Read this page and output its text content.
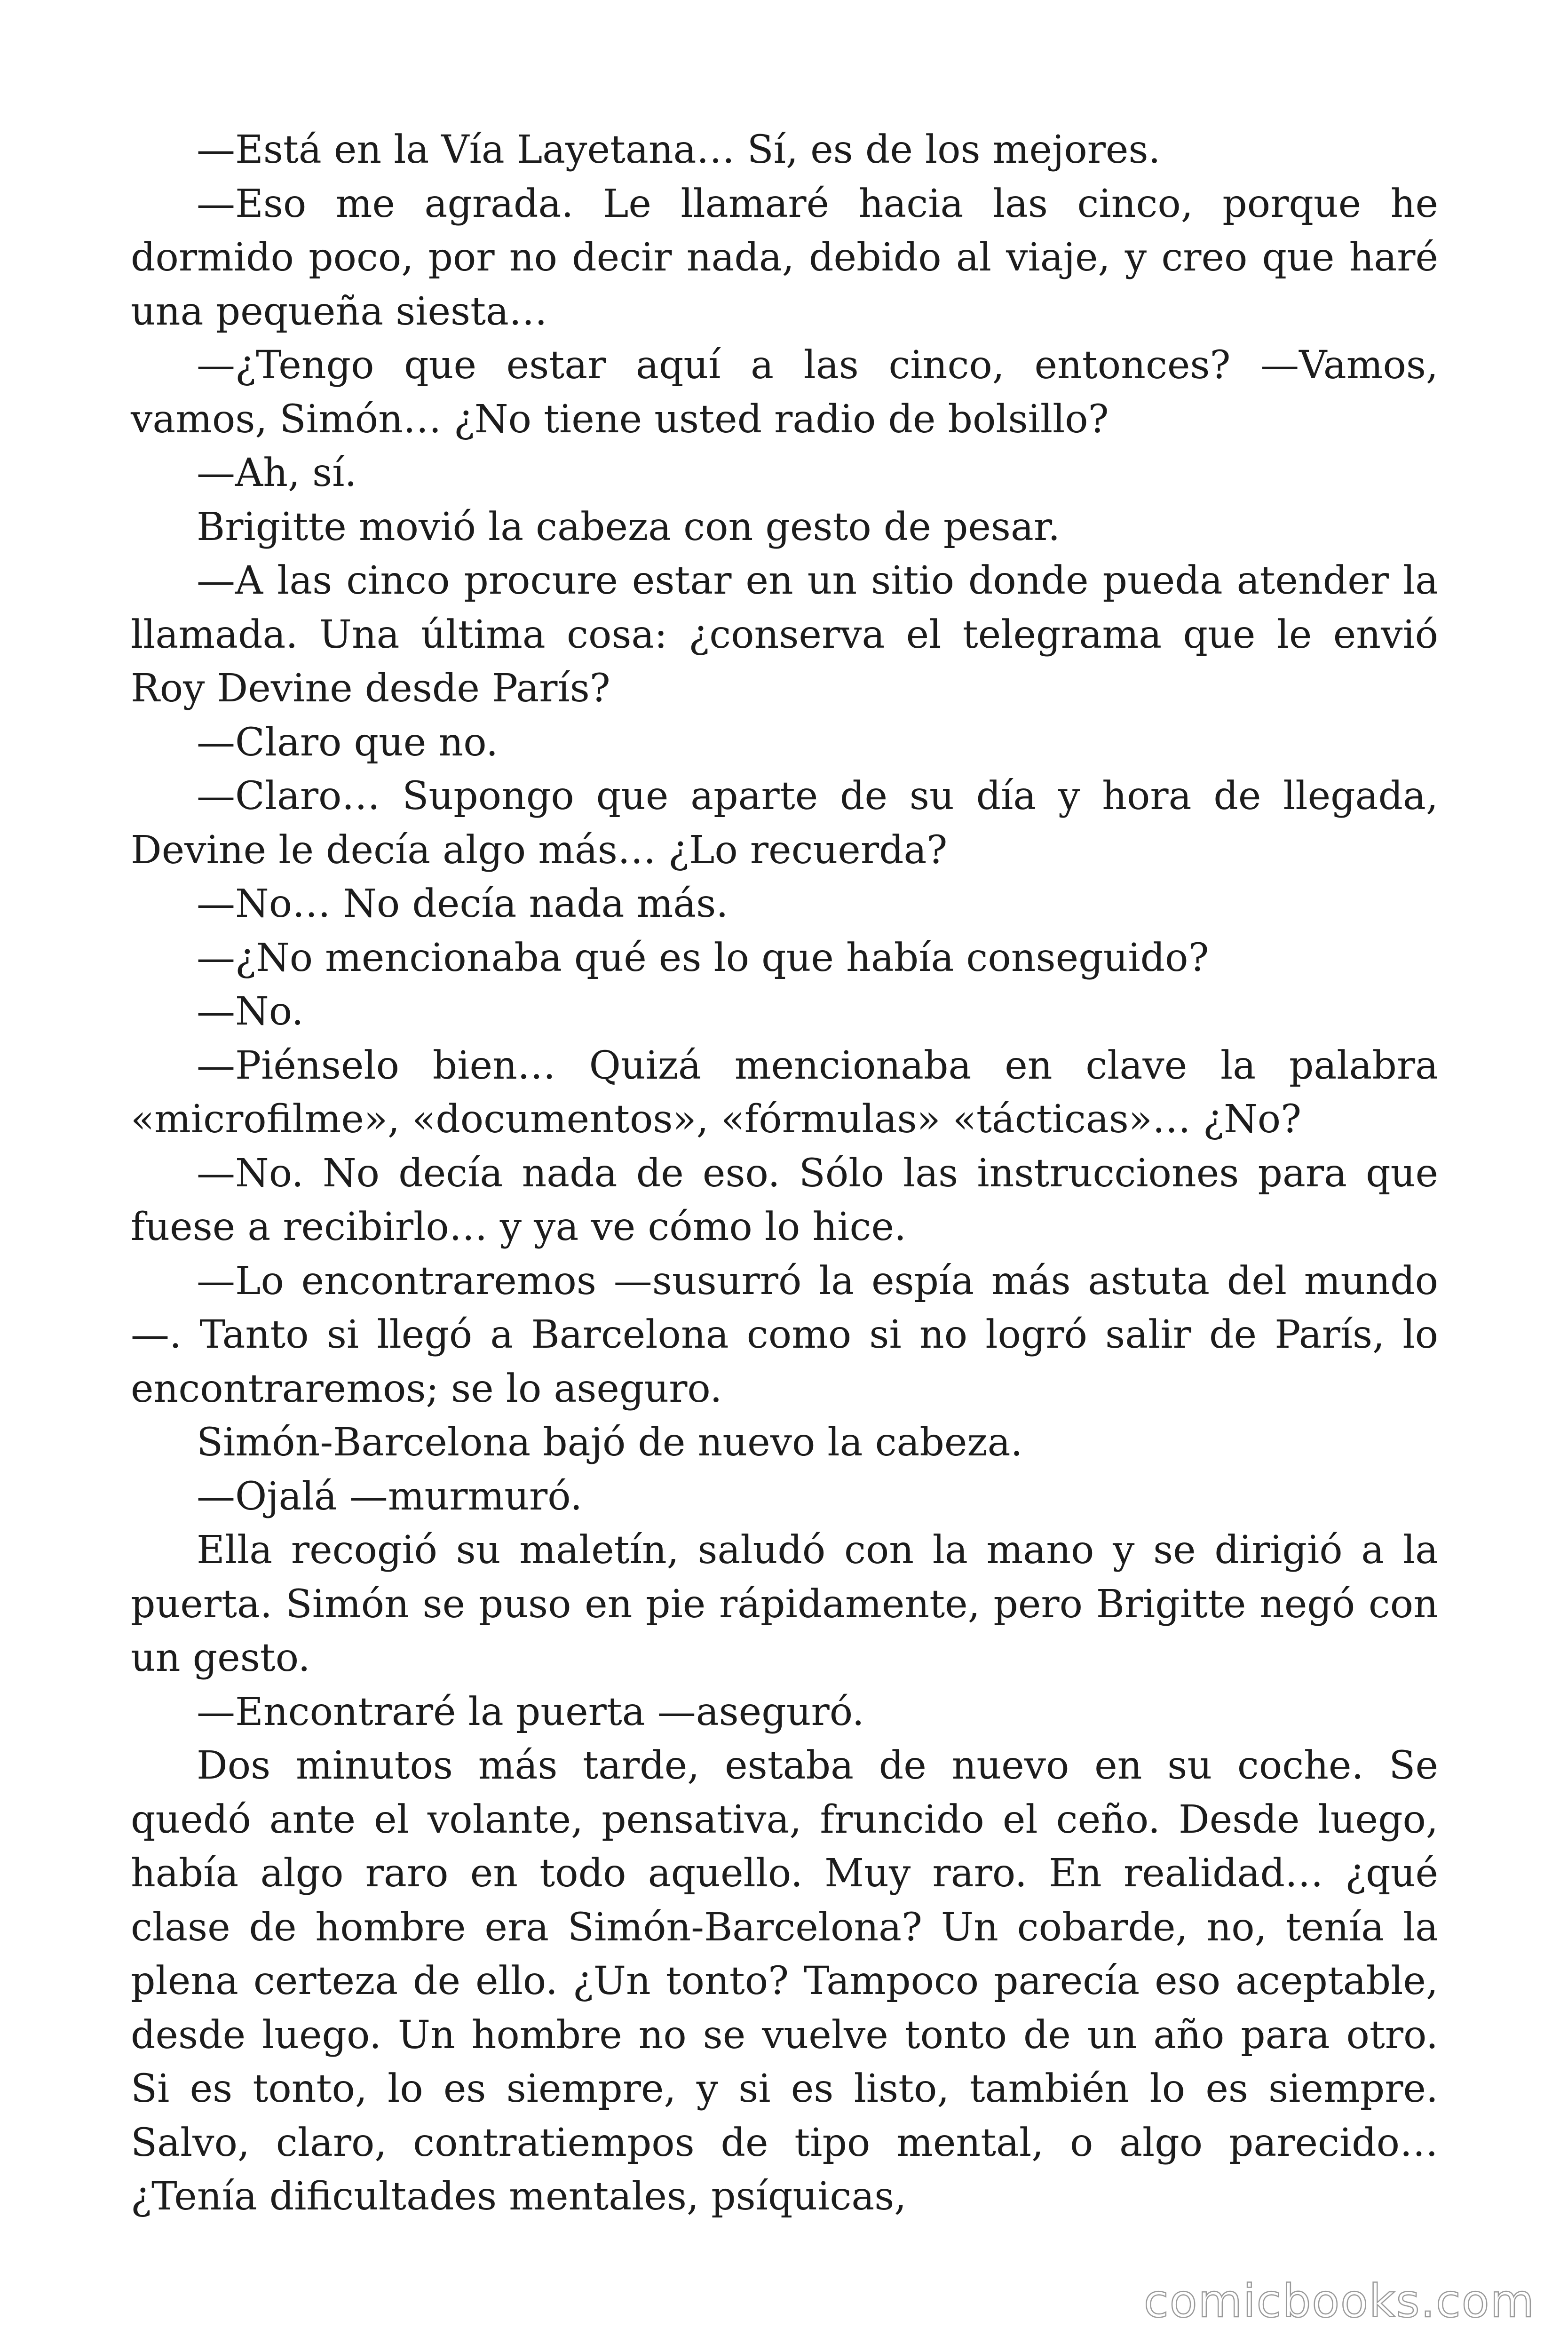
—Está en la Vía Layetana… Sí, es de los mejores.

—Eso me agrada. Le llamaré hacia las cinco, porque he dormido poco, por no decir nada, debido al viaje, y creo que haré una pequeña siesta…

—¿Tengo que estar aquí a las cinco, entonces? —Vamos, vamos, Simón… ¿No tiene usted radio de bolsillo?

—Ah, sí.

Brigitte movió la cabeza con gesto de pesar.

—A las cinco procure estar en un sitio donde pueda atender la llamada. Una última cosa: ¿conserva el telegrama que le envió Roy Devine desde París?

—Claro que no.

—Claro… Supongo que aparte de su día y hora de llegada, Devine le decía algo más… ¿Lo recuerda?

—No… No decía nada más.

—¿No mencionaba qué es lo que había conseguido?

—No.

—Piénselo bien… Quizá mencionaba en clave la palabra «microfilme», «documentos», «fórmulas» «tácticas»… ¿No?

—No. No decía nada de eso. Sólo las instrucciones para que fuese a recibirlo… y ya ve cómo lo hice.

—Lo encontraremos —susurró la espía más astuta del mundo—. Tanto si llegó a Barcelona como si no logró salir de París, lo encontraremos; se lo aseguro.

Simón-Barcelona bajó de nuevo la cabeza.

—Ojalá —murmuró.

Ella recogió su maletín, saludó con la mano y se dirigió a la puerta. Simón se puso en pie rápidamente, pero Brigitte negó con un gesto.

—Encontraré la puerta —aseguró.

Dos minutos más tarde, estaba de nuevo en su coche. Se quedó ante el volante, pensativa, fruncido el ceño. Desde luego, había algo raro en todo aquello. Muy raro. En realidad… ¿qué clase de hombre era Simón-Barcelona? Un cobarde, no, tenía la plena certeza de ello. ¿Un tonto? Tampoco parecía eso aceptable, desde luego. Un hombre no se vuelve tonto de un año para otro. Si es tonto, lo es siempre, y si es listo, también lo es siempre. Salvo, claro, contratiempos de tipo mental, o algo parecido… ¿Tenía dificultades mentales, psíquicas,

comicbooks.com
